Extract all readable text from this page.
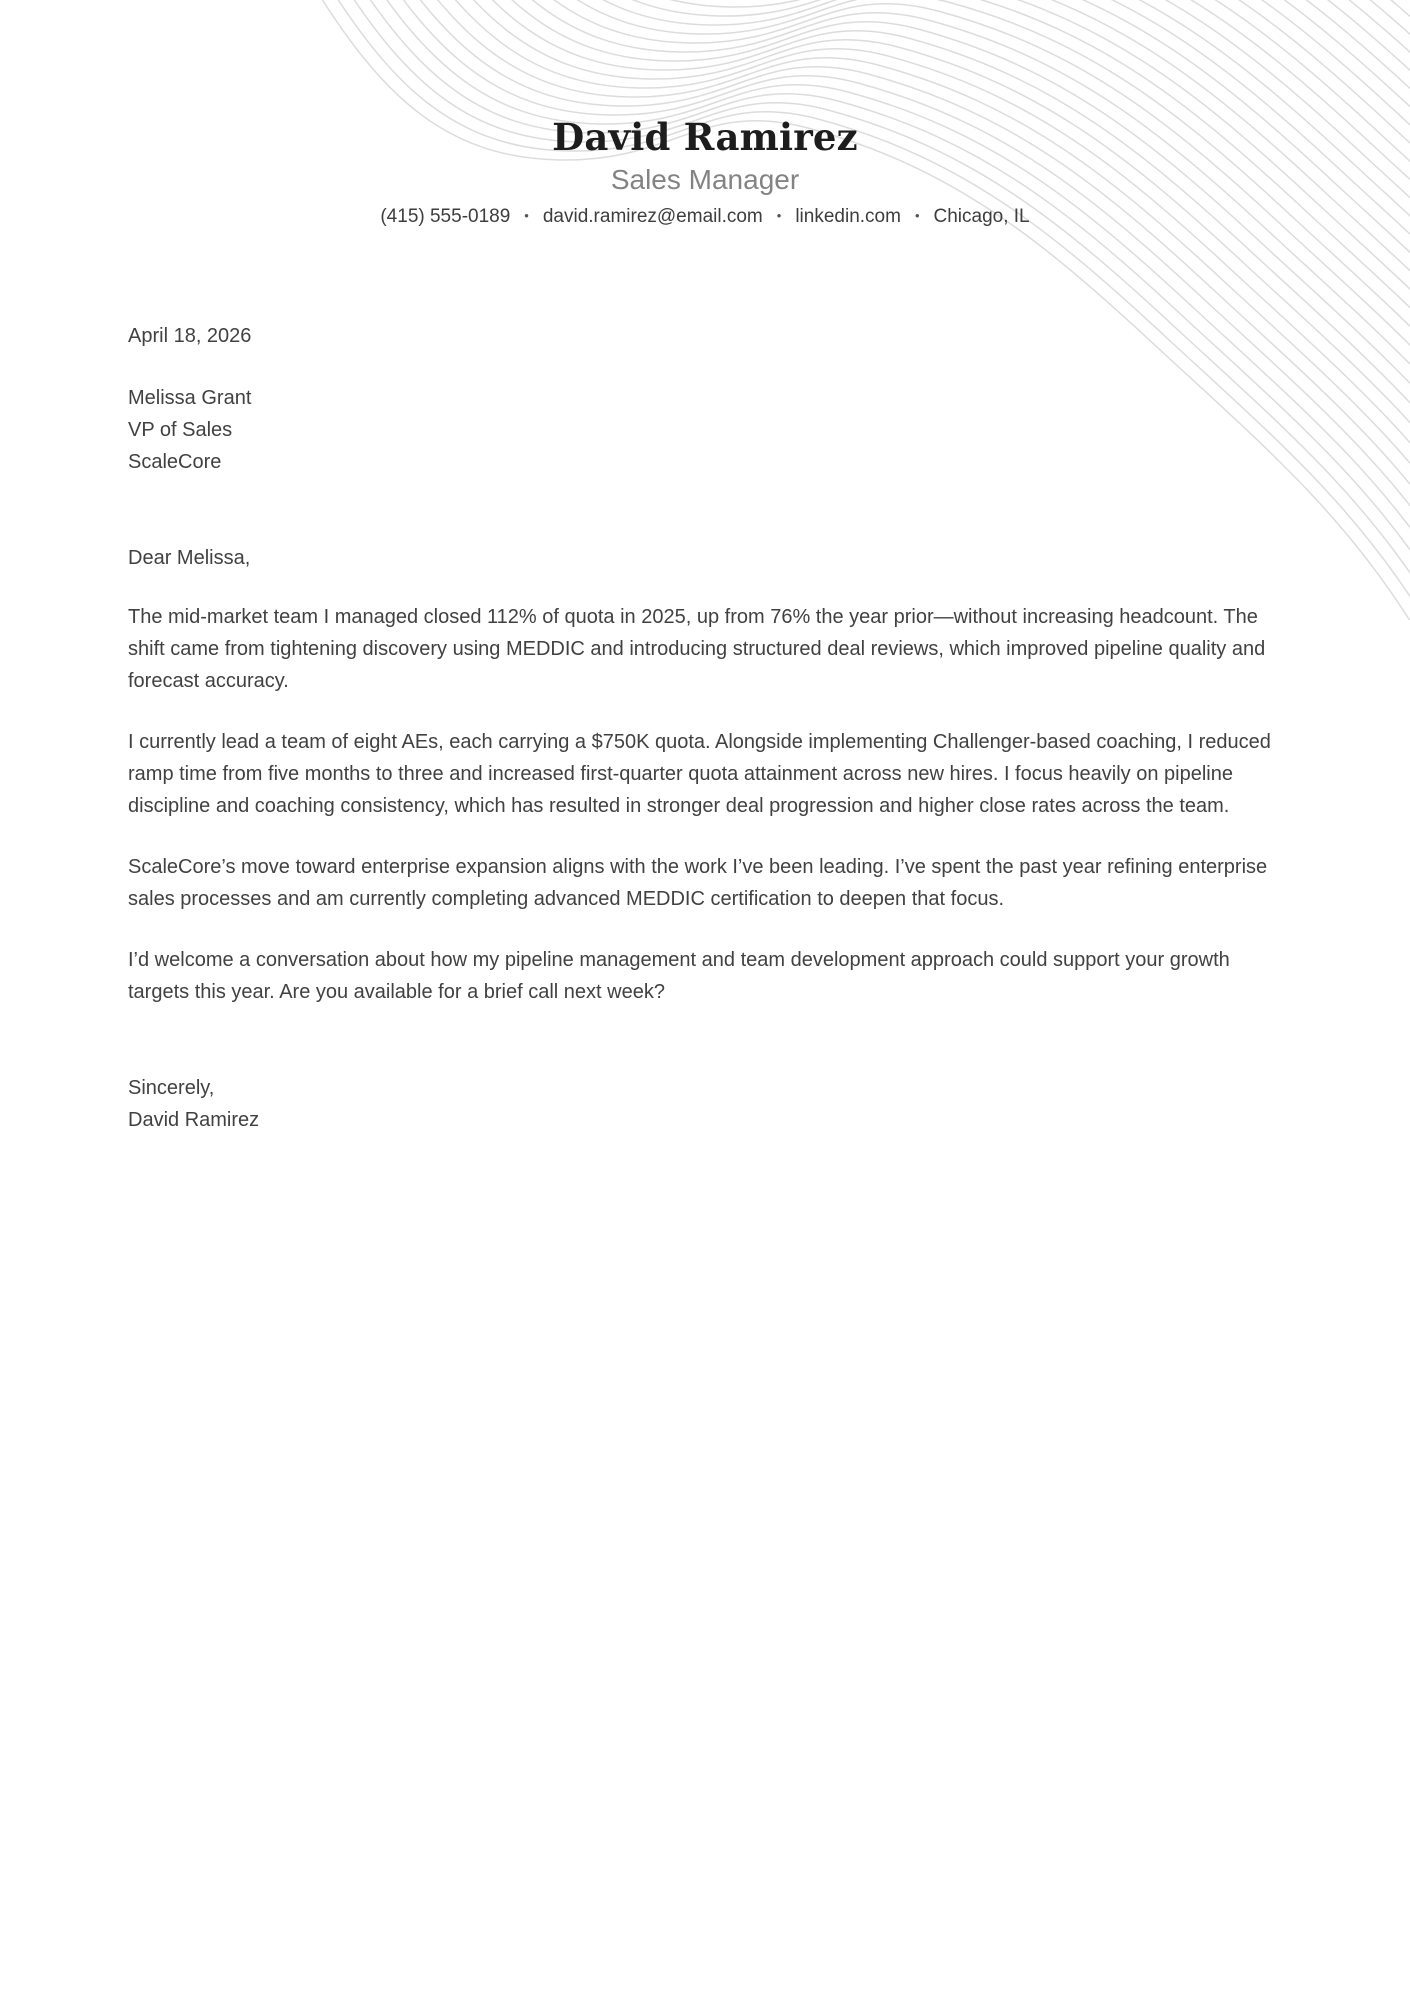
David Ramirez
Sales Manager
(415) 555-0189 • david.ramirez@email.com • linkedin.com • Chicago, IL
April 18, 2026
Melissa Grant
VP of Sales
ScaleCore
Dear Melissa,

The mid-market team I managed closed 112% of quota in 2025, up from 76% the year prior—without increasing headcount. The shift came from tightening discovery using MEDDIC and introducing structured deal reviews, which improved pipeline quality and forecast accuracy.

I currently lead a team of eight AEs, each carrying a $750K quota. Alongside implementing Challenger-based coaching, I reduced ramp time from five months to three and increased first-quarter quota attainment across new hires. I focus heavily on pipeline discipline and coaching consistency, which has resulted in stronger deal progression and higher close rates across the team.

ScaleCore’s move toward enterprise expansion aligns with the work I’ve been leading. I’ve spent the past year refining enterprise sales processes and am currently completing advanced MEDDIC certification to deepen that focus.

I’d welcome a conversation about how my pipeline management and team development approach could support your growth targets this year. Are you available for a brief call next week?

Sincerely,
David Ramirez
